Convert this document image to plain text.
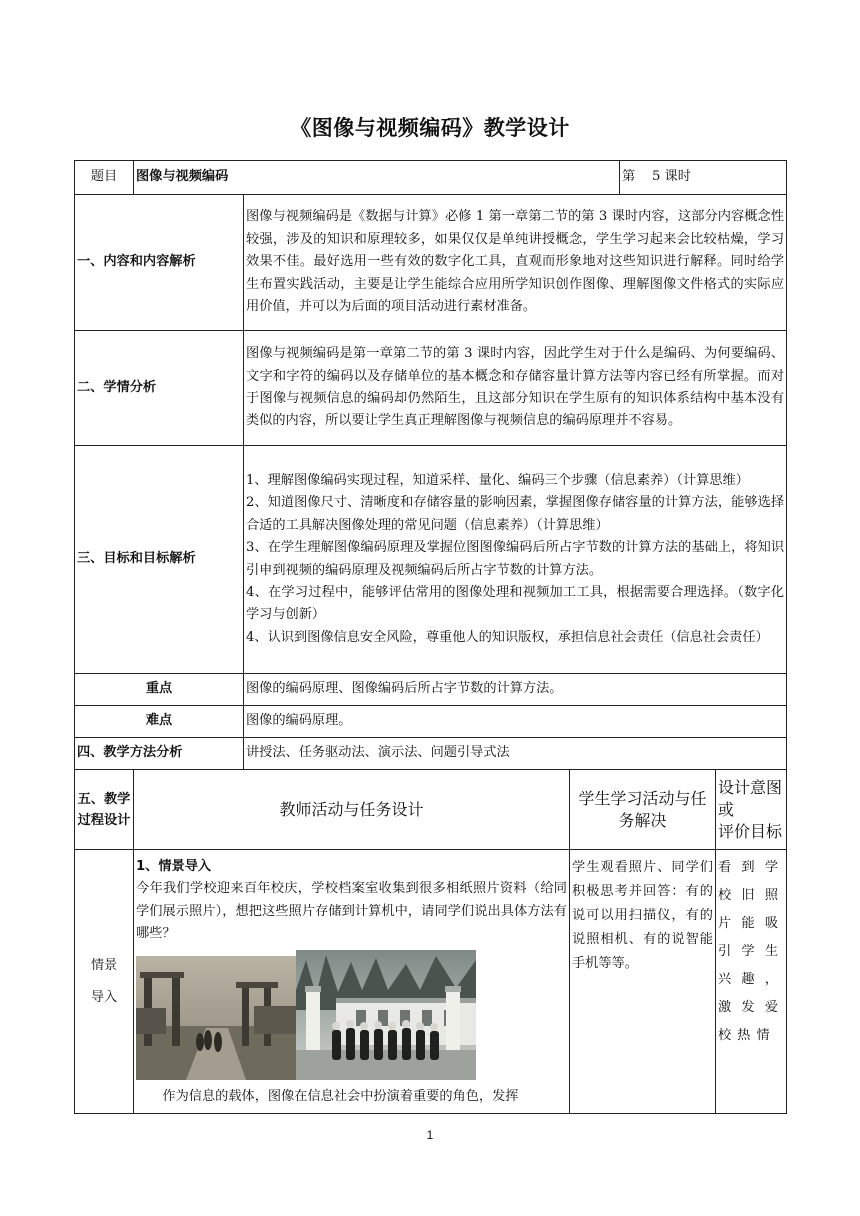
《图像与视频编码》教学设计
题目	图像与视频编码			第    5 课时	
一、内容和内容解析		图像与视频编码是《数据与计算》必修 1 第一章第二节的第 3 课时内容，这部分内容概念性较强，涉及的知识和原理较多，如果仅仅是单纯讲授概念，学生学习起来会比较枯燥，学习效果不佳。最好选用一些有效的数字化工具，直观而形象地对这些知识进行解释。同时给学生布置实践活动，主要是让学生能综合应用所学知识创作图像、理解图像文件格式的实际应用价值，并可以为后面的项目活动进行素材准备。			
二、学情分析		图像与视频编码是第一章第二节的第 3 课时内容，因此学生对于什么是编码、为何要编码、文字和字符的编码以及存储单位的基本概念和存储容量计算方法等内容已经有所掌握。而对于图像与视频信息的编码却仍然陌生，且这部分知识在学生原有的知识体系结构中基本没有类似的内容，所以要让学生真正理解图像与视频信息的编码原理并不容易。			
三、目标和目标解析		1、理解图像编码实现过程，知道采样、量化、编码三个步骤（信息素养）（计算思维）
2、知道图像尺寸、清晰度和存储容量的影响因素，掌握图像存储容量的计算方法，能够选择合适的工具解决图像处理的常见问题（信息素养）（计算思维）
3、在学生理解图像编码原理及掌握位图图像编码后所占字节数的计算方法的基础上，将知识引申到视频的编码原理及视频编码后所占字节数的计算方法。
4、在学习过程中，能够评估常用的图像处理和视频加工工具，根据需要合理选择。（数字化学习与创新）
4、认识到图像信息安全风险，尊重他人的知识版权，承担信息社会责任（信息社会责任）			

重点		图像的编码原理、图像编码后所占字节数的计算方法。			
难点		图像的编码原理。			
四、教学方法分析		讲授法、任务驱动法、演示法、问题引导式法			
五、教学过程设计	教师活动与任务设计		学生学习活动与任务解决		设计意图或
评价目标

情景导入	1、情景导入
今年我们学校迎来百年校庆，学校档案室收集到很多相纸照片资料（给同学们展示照片），想把这些照片存储到计算机中，请同学们说出具体方法有哪些？
作为信息的载体，图像在信息社会中扮演着重要的角色，发挥		学生观看照片、同学们积极思考并回答：有的说可以用扫描仪，有的说照相机、有的说智能手机等等。		看到学校旧照片能吸引学生兴趣，激发爱校热情
1
